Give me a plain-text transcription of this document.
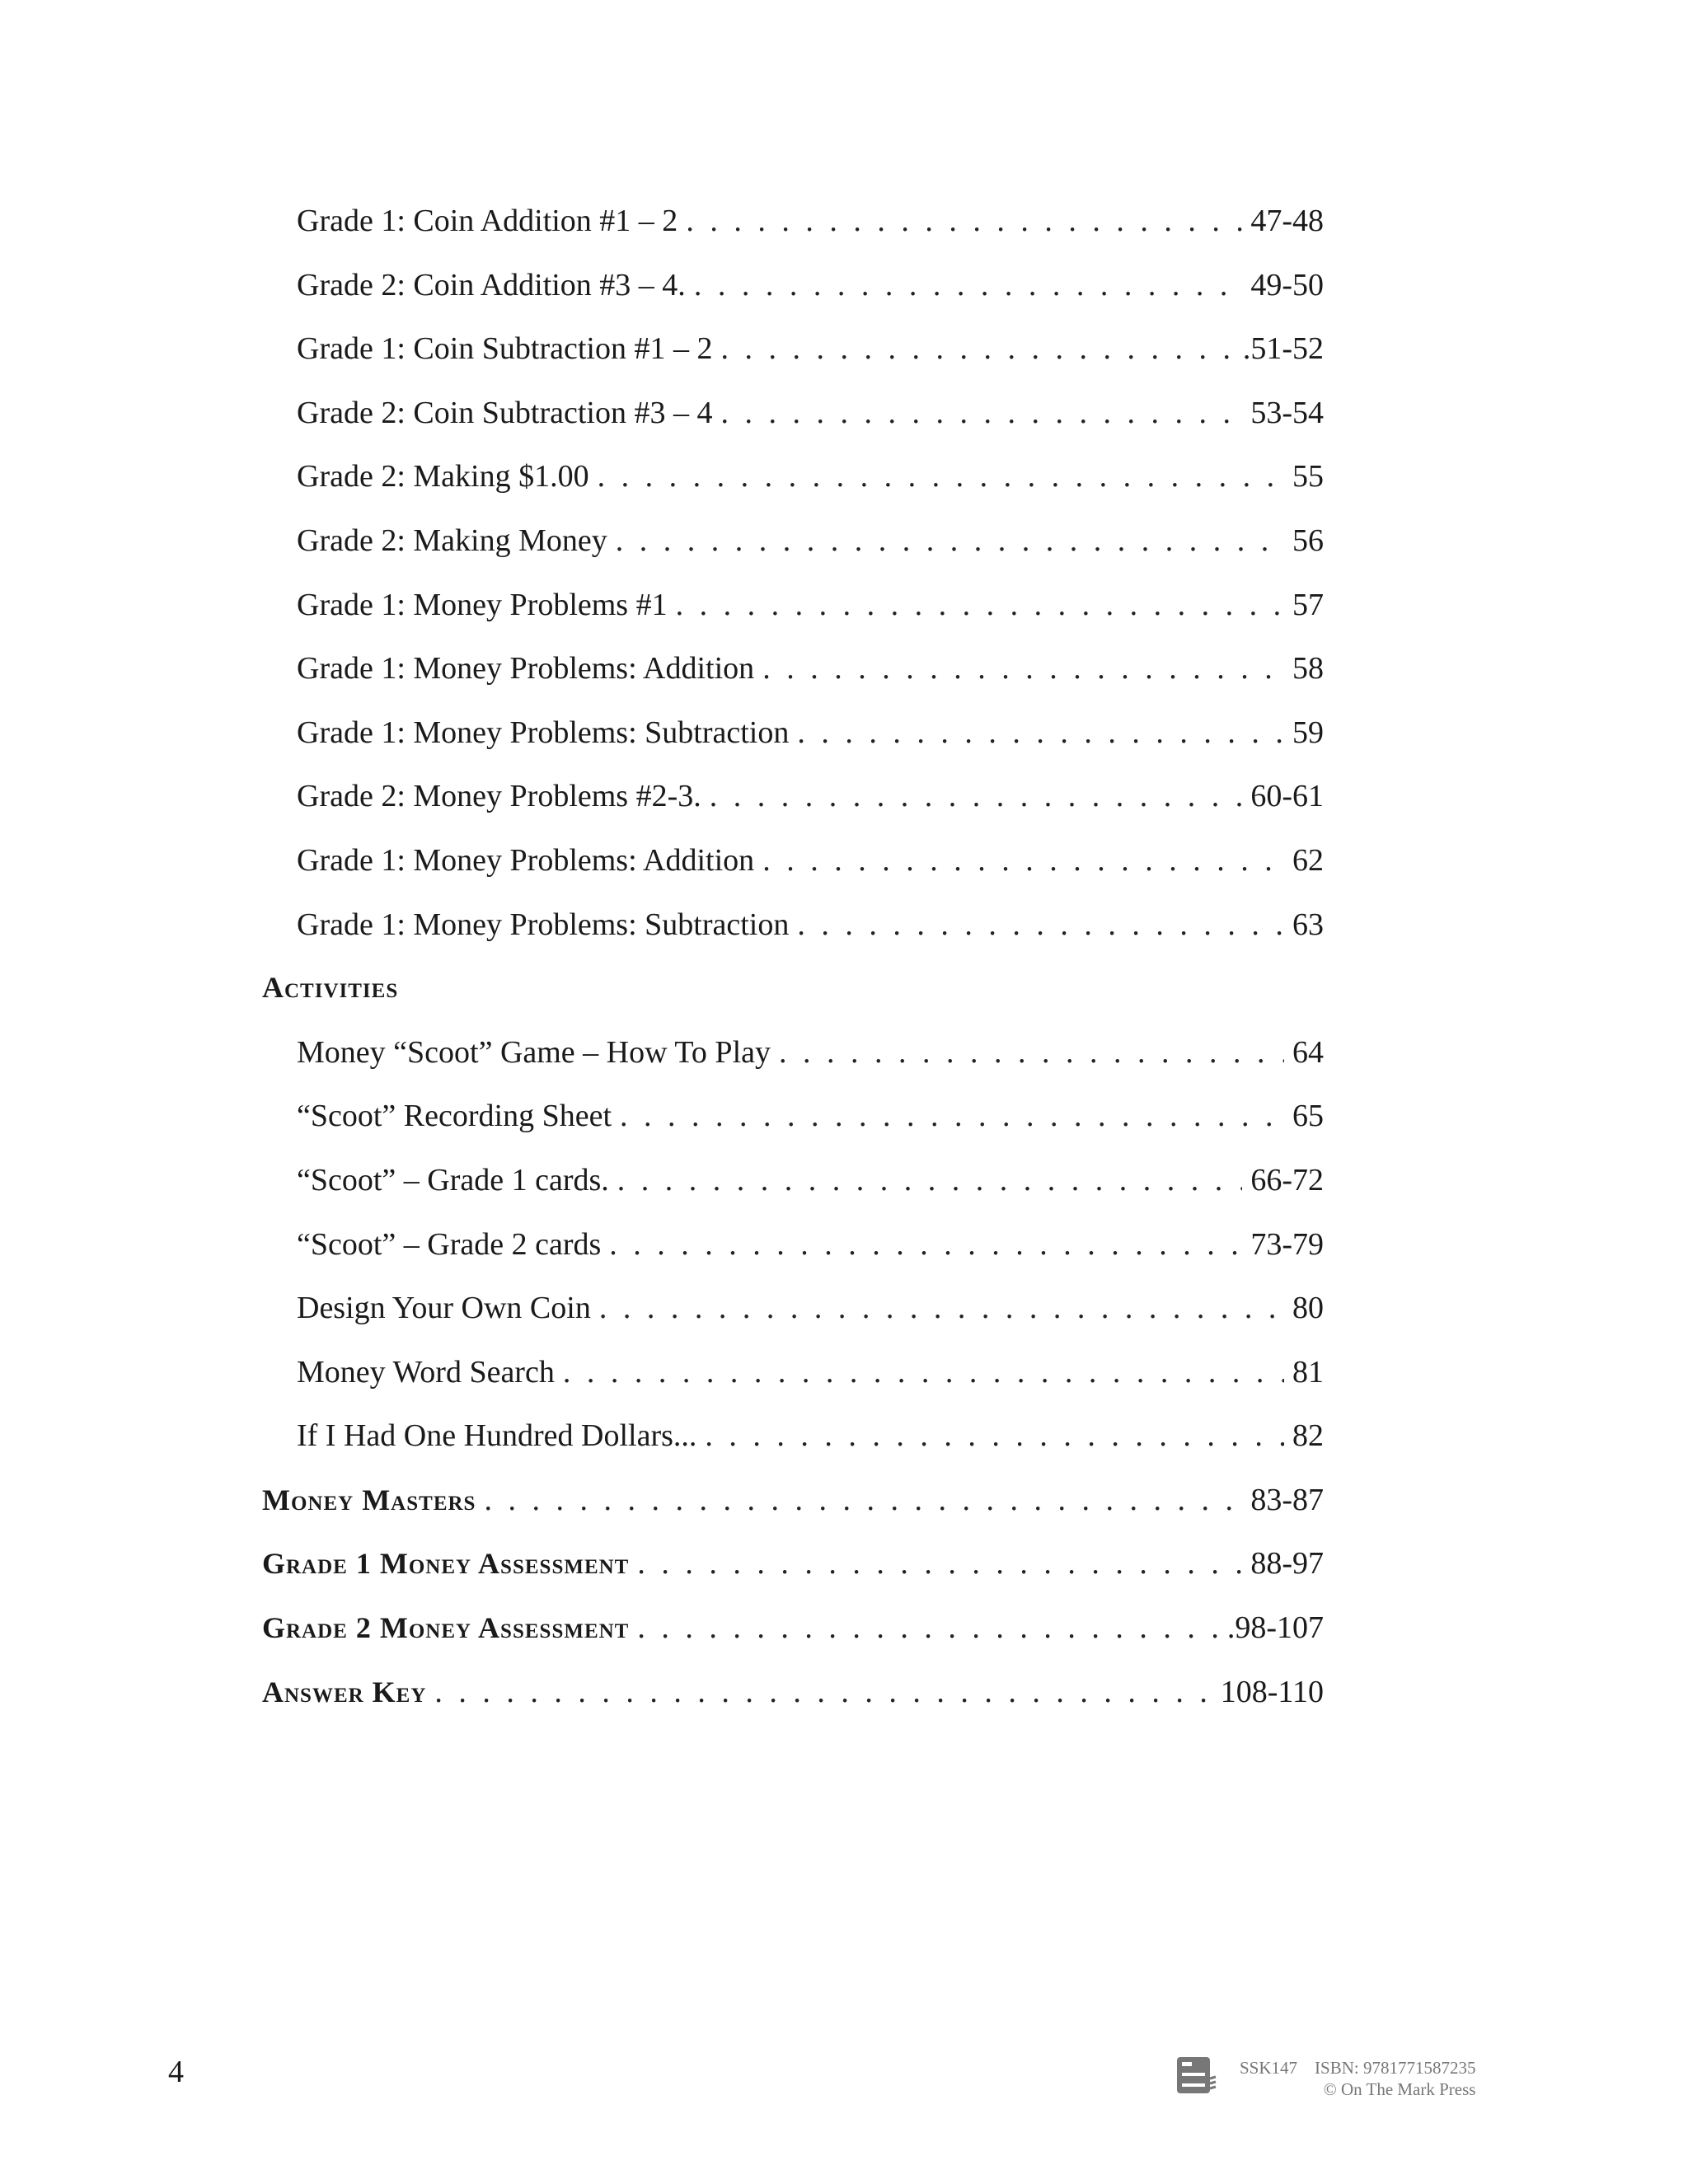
Grade 1: Coin Addition #1 – 2 . . .	47-48
Grade 2: Coin Addition #3 – 4. . . .	49-50
Grade 1: Coin Subtraction #1 – 2 . . .	.51-52
Grade 2: Coin Subtraction #3 – 4 . . .	53-54
Grade 2: Making $1.00 . . .	55
Grade 2: Making Money . . .	56
Grade 1: Money Problems #1 . . .	57
Grade 1: Money Problems: Addition . . .	58
Grade 1: Money Problems: Subtraction . . .	59
Grade 2: Money Problems #2-3. . . .	60-61
Grade 1: Money Problems: Addition . . .	62
Grade 1: Money Problems: Subtraction . . .	63
Activities
Money “Scoot” Game – How To Play . . .	64
“Scoot” Recording Sheet . . .	65
“Scoot” – Grade 1 cards. . . .	66-72
“Scoot” – Grade 2 cards . . .	73-79
Design Your Own Coin . . .	80
Money Word Search . . .	81
If I Had One Hundred Dollars... . . .	82
Money Masters . . .	83-87
Grade 1 Money Assessment . . .	88-97
Grade 2 Money Assessment . . .	.98-107
Answer Key . . .	108-110
4	SSK147 ISBN: 9781771587235
© On The Mark Press
